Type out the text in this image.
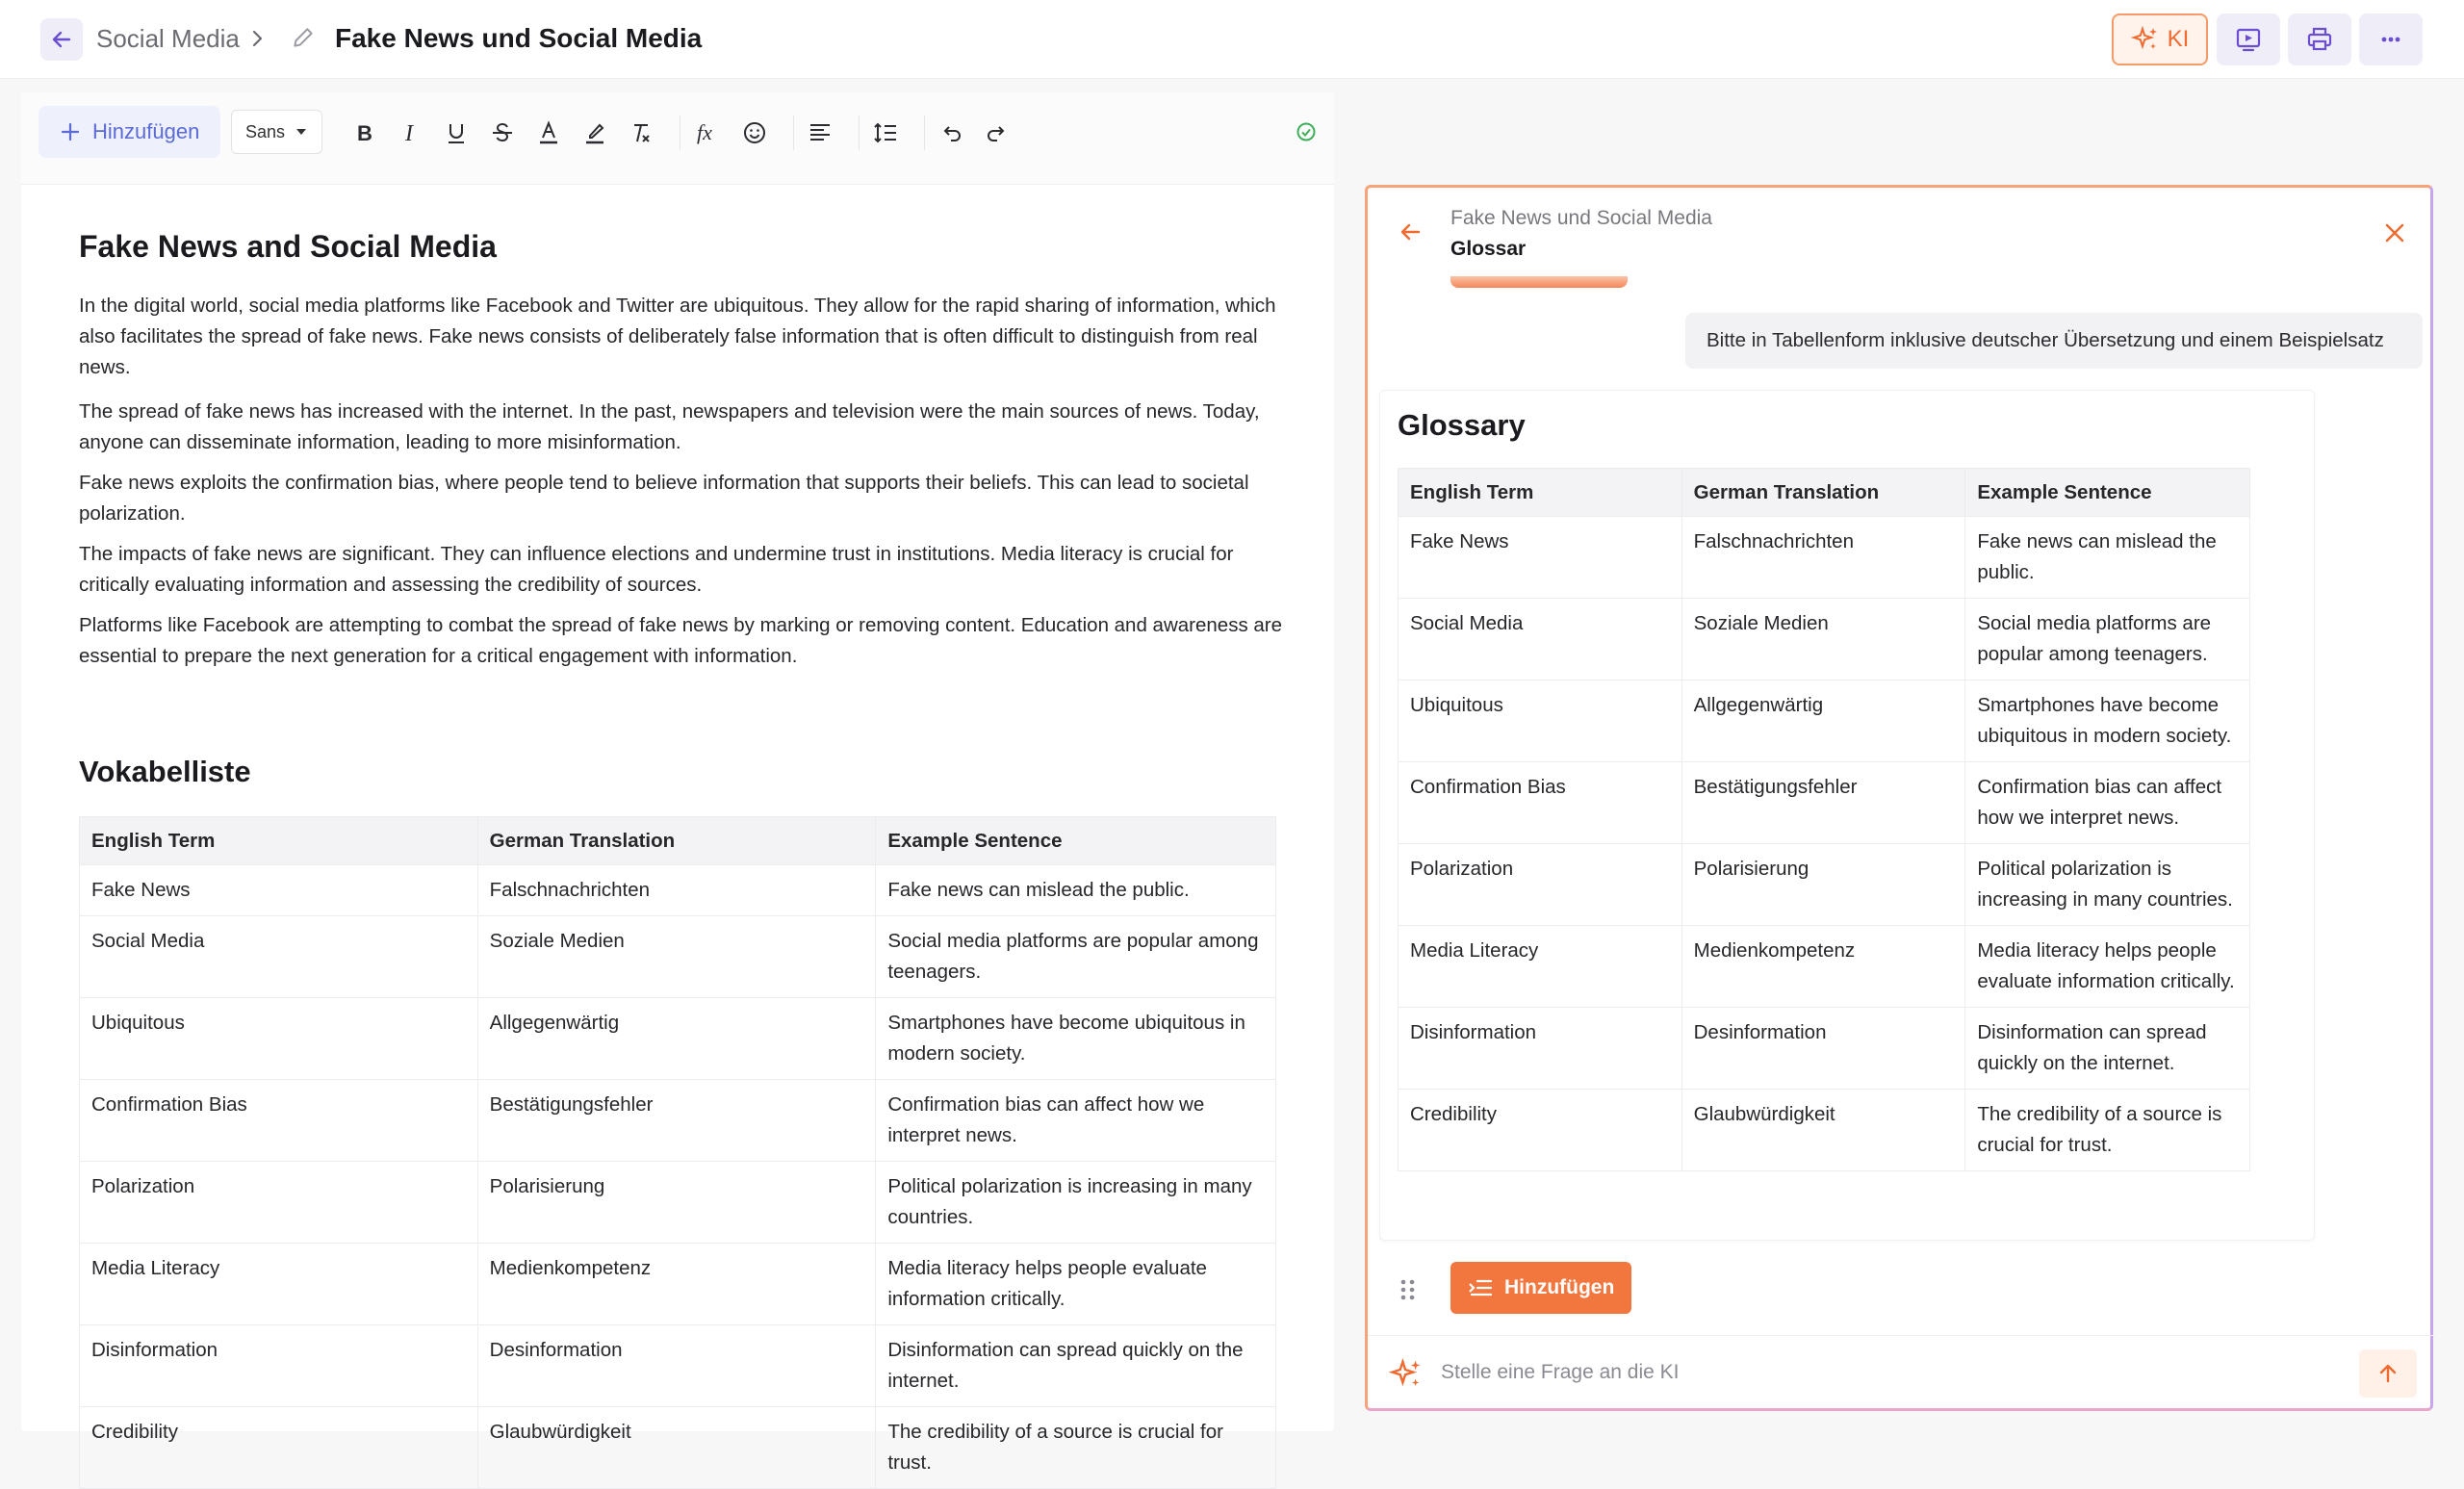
Social Media	Fake News und Social Media	KI
Hinzufügen	Sans	B I	fx
Fake News and Social Media

In the digital world, social media platforms like Facebook and Twitter are ubiquitous. They allow for the rapid sharing of information, which also facilitates the spread of fake news. Fake news consists of deliberately false information that is often difficult to distinguish from real news.

The spread of fake news has increased with the internet. In the past, newspapers and television were the main sources of news. Today, anyone can disseminate information, leading to more misinformation.

Fake news exploits the confirmation bias, where people tend to believe information that supports their beliefs. This can lead to societal polarization.

The impacts of fake news are significant. They can influence elections and undermine trust in institutions. Media literacy is crucial for critically evaluating information and assessing the credibility of sources.

Platforms like Facebook are attempting to combat the spread of fake news by marking or removing content. Education and awareness are essential to prepare the next generation for a critical engagement with information.

Vokabelliste
English Term	German Translation	Example Sentence
Fake News	Falschnachrichten	Fake news can mislead the public.
Social Media	Soziale Medien	Social media platforms are popular among teenagers.
Ubiquitous	Allgegenwärtig	Smartphones have become ubiquitous in modern society.
Confirmation Bias	Bestätigungsfehler	Confirmation bias can affect how we interpret news.
Polarization	Polarisierung	Political polarization is increasing in many countries.
Media Literacy	Medienkompetenz	Media literacy helps people evaluate information critically.
Disinformation	Desinformation	Disinformation can spread quickly on the internet.
Credibility	Glaubwürdigkeit	The credibility of a source is crucial for trust.
Fake News und Social Media
Glossar
Bitte in Tabellenform inklusive deutscher Übersetzung und einem Beispielsatz
Glossary
English Term	German Translation	Example Sentence
Fake News	Falschnachrichten	Fake news can mislead the public.
Social Media	Soziale Medien	Social media platforms are popular among teenagers.
Ubiquitous	Allgegenwärtig	Smartphones have become ubiquitous in modern society.
Confirmation Bias	Bestätigungsfehler	Confirmation bias can affect how we interpret news.
Polarization	Polarisierung	Political polarization is increasing in many countries.
Media Literacy	Medienkompetenz	Media literacy helps people evaluate information critically.
Disinformation	Desinformation	Disinformation can spread quickly on the internet.
Credibility	Glaubwürdigkeit	The credibility of a source is crucial for trust.
Hinzufügen
Stelle eine Frage an die KI
